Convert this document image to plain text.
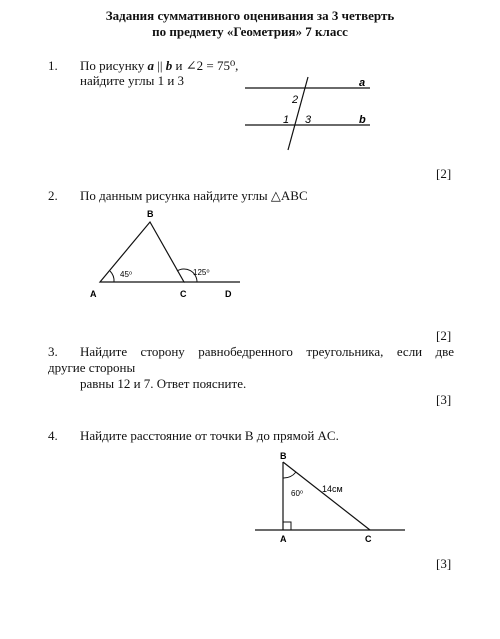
Задания суммативного оценивания за 3 четверть
по предмету «Геометрия» 7 класс
1. По рисунку a || b и ∠2 = 75⁰,
найдите углы 1 и 3	a
b
2
1 3
[2]
2. По данным рисунка найдите углы △ABC
B
A	C	D
45⁰	125⁰
[2]
3. Найдите сторону равнобедренного треугольника, если две
другие стороны
равны 12 и 7. Ответ поясните.
[3]
4. Найдите расстояние от точки B до прямой AC.
B
A	C
60⁰ 14см
[3]
